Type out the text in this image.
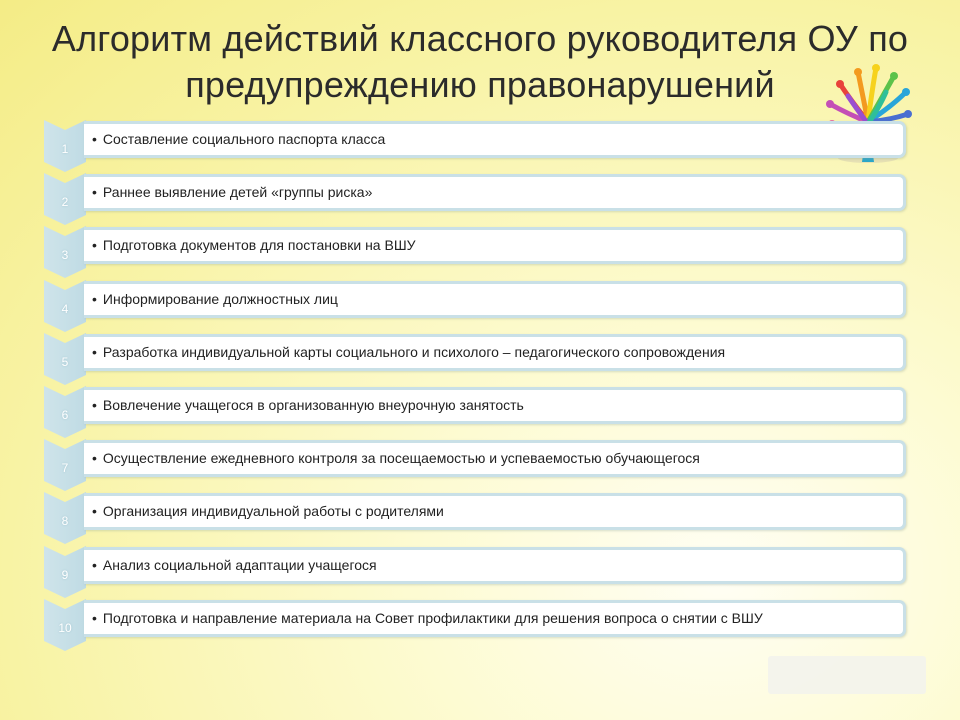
Алгоритм действий классного руководителя ОУ по
предупреждению правонарушений
1
• Составление социального паспорта класса
2
• Раннее выявление детей «группы риска»
3
• Подготовка документов для постановки на ВШУ
4
• Информирование должностных лиц
5
• Разработка индивидуальной карты социального и психолого – педагогического сопровождения
6
• Вовлечение учащегося в организованную внеурочную занятость
7
• Осуществление ежедневного контроля за посещаемостью и успеваемостью обучающегося
8
• Организация индивидуальной работы с родителями
9
• Анализ социальной адаптации учащегося
10
• Подготовка и направление материала на Совет профилактики для решения вопроса о снятии с ВШУ
